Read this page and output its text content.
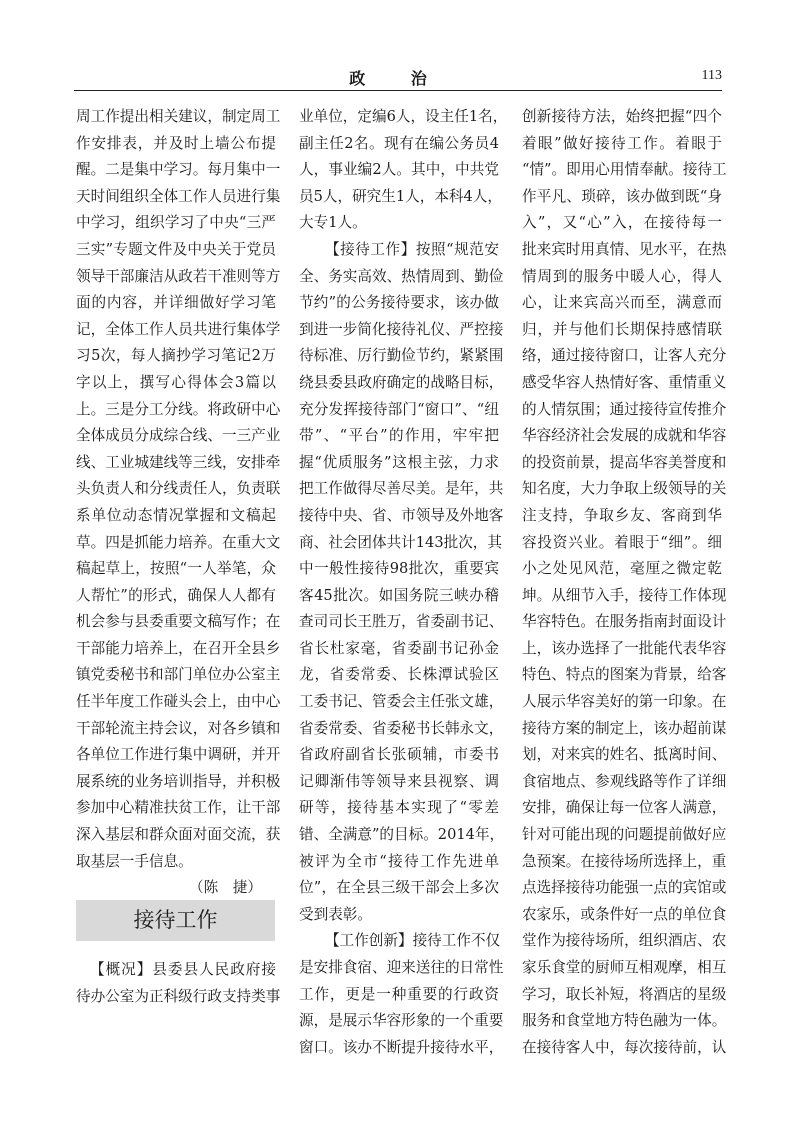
政 治	113
周工作提出相关建议，制定周工
作安排表，并及时上墙公布提
醒。二是集中学习。每月集中一
天时间组织全体工作人员进行集
中学习，组织学习了中央“三严
三实”专题文件及中央关于党员
领导干部廉洁从政若干准则等方
面的内容，并详细做好学习笔
记，全体工作人员共进行集体学
习5次，每人摘抄学习笔记2万
字以上，撰写心得体会3篇以
上。三是分工分线。将政研中心
全体成员分成综合线、一三产业
线、工业城建线等三线，安排牵
头负责人和分线责任人，负责联
系单位动态情况掌握和文稿起
草。四是抓能力培养。在重大文
稿起草上，按照“一人举笔，众
人帮忙”的形式，确保人人都有
机会参与县委重要文稿写作；在
干部能力培养上，在召开全县乡
镇党委秘书和部门单位办公室主
任半年度工作碰头会上，由中心
干部轮流主持会议，对各乡镇和
各单位工作进行集中调研，并开
展系统的业务培训指导，并积极
参加中心精准扶贫工作，让干部
深入基层和群众面对面交流，获
取基层一手信息。
（陈　捷）
接待工作
【概况】县委县人民政府接
待办公室为正科级行政支持类事
业单位，定编6人，设主任1名，
副主任2名。现有在编公务员4
人，事业编2人。其中，中共党
员5人，研究生1人，本科4人，
大专1人。
【接待工作】按照“规范安
全、务实高效、热情周到、勤俭
节约”的公务接待要求，该办做
到进一步简化接待礼仪、严控接
待标准、厉行勤俭节约，紧紧围
绕县委县政府确定的战略目标，
充分发挥接待部门“窗口”、“纽
带”、“平台”的作用，牢牢把
握“优质服务”这根主弦，力求
把工作做得尽善尽美。是年，共
接待中央、省、市领导及外地客
商、社会团体共计143批次，其
中一般性接待98批次，重要宾
客45批次。如国务院三峡办稽
查司司长王胜万，省委副书记、
省长杜家毫，省委副书记孙金
龙，省委常委、长株潭试验区
工委书记、管委会主任张文雄，
省委常委、省委秘书长韩永文，
省政府副省长张硕辅，市委书
记卿渐伟等领导来县视察、调
研等，接待基本实现了“零差
错、全满意”的目标。2014年，
被评为全市“接待工作先进单
位”，在全县三级干部会上多次
受到表彰。
【工作创新】接待工作不仅
是安排食宿、迎来送往的日常性
工作，更是一种重要的行政资
源，是展示华容形象的一个重要
窗口。该办不断提升接待水平，
创新接待方法，始终把握“四个
着眼”做好接待工作。着眼于
“情”。即用心用情奉献。接待工
作平凡、琐碎，该办做到既“身
入”，又“心”入，在接待每一
批来宾时用真情、见水平，在热
情周到的服务中暖人心，得人
心，让来宾高兴而至，满意而
归，并与他们长期保持感情联
络，通过接待窗口，让客人充分
感受华容人热情好客、重情重义
的人情氛围；通过接待宣传推介
华容经济社会发展的成就和华容
的投资前景，提高华容美誉度和
知名度，大力争取上级领导的关
注支持，争取乡友、客商到华
容投资兴业。着眼于“细”。细
小之处见风范，毫厘之微定乾
坤。从细节入手，接待工作体现
华容特色。在服务指南封面设计
上，该办选择了一批能代表华容
特色、特点的图案为背景，给客
人展示华容美好的第一印象。在
接待方案的制定上，该办超前谋
划，对来宾的姓名、抵离时间、
食宿地点、参观线路等作了详细
安排，确保让每一位客人满意，
针对可能出现的问题提前做好应
急预案。在接待场所选择上，重
点选择接待功能强一点的宾馆或
农家乐，或条件好一点的单位食
堂作为接待场所，组织酒店、农
家乐食堂的厨师互相观摩，相互
学习，取长补短，将酒店的星级
服务和食堂地方特色融为一体。
在接待客人中，每次接待前，认
